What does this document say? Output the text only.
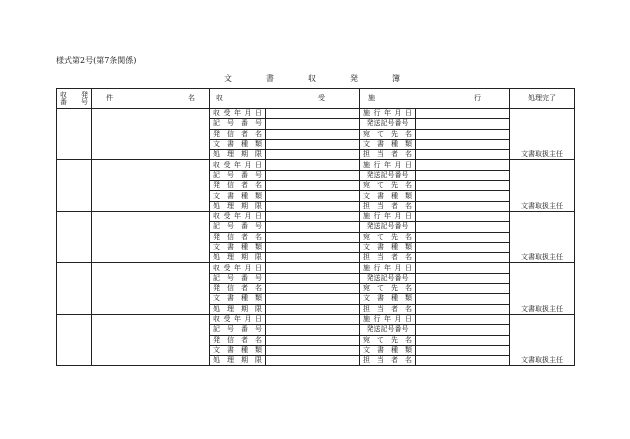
様式第2号(第7条関係)
文	書	収	発	簿
収 発
番 号	件 名	収 受		施 行		処理完了

		収 受 年 月 日		施 行 年 月 日		文書取扱主任

		記 号 番 号		発送記号番号		

		発 信 者 名		宛 て 先 名		

		文 書 種 類		文 書 種 類		

		処 理 期 限		担 当 者 名		

		収 受 年 月 日		施 行 年 月 日		文書取扱主任

		記 号 番 号		発送記号番号		

		発 信 者 名		宛 て 先 名		

		文 書 種 類		文 書 種 類		

		処 理 期 限		担 当 者 名		

		収 受 年 月 日		施 行 年 月 日		文書取扱主任

		記 号 番 号		発送記号番号		

		発 信 者 名		宛 て 先 名		

		文 書 種 類		文 書 種 類		

		処 理 期 限		担 当 者 名		

		収 受 年 月 日		施 行 年 月 日		文書取扱主任

		記 号 番 号		発送記号番号		

		発 信 者 名		宛 て 先 名		

		文 書 種 類		文 書 種 類		

		処 理 期 限		担 当 者 名		

		収 受 年 月 日		施 行 年 月 日		文書取扱主任

		記 号 番 号		発送記号番号		

		発 信 者 名		宛 て 先 名		

		文 書 種 類		文 書 種 類		

		処 理 期 限		担 当 者 名		
